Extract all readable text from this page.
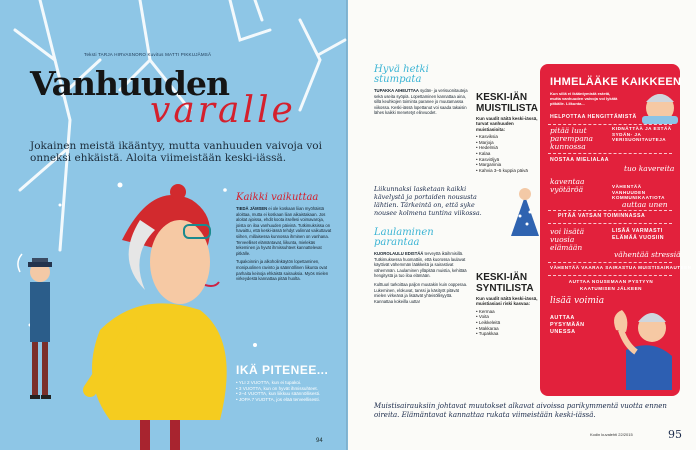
Teksti TARJA HIRVASNORO Kuvitus MATTI PIKKUJÄMSÄ
Vanhuuden
varalle
Jokainen meistä ikääntyy, mutta vanhuuden vaivoja voi onneksi ehkäistä. Aloita viimeistään keski-iässä.
Kaikki vaikuttaa
TIEDÄ JÄMSEN ei ole koskaan liian myöhäistä aloittaa, mutta ei koskaan liian aikaistakaan. Jos aloitat ajoissa, ehdit koota itsellesi voimavaroja, joista on iloa vanhuuden päivinä. Tutkimuksissa on havaittu, että keski-iässä tehdyt valinnat vaikuttavat siihen, millaisessa kunnossa ihminen on vanhana. Terveelliset elämäntavat, liikunta, mielekäs tekeminen ja hyvät ihmissuhteet kannattelevat pitkälle.
Tupakoinnin ja alkoholinkäytön lopettaminen, monipuolinen ravinto ja säännöllinen liikunta ovat parhaita keinoja ehkäistä sairauksia. Myös mielen virkeydestä kannattaa pitää huolta.
IKÄ PITENEE...
• YLI 2 VUOTTA, kun ei tupakoi.
• 3 VUOTTA, kun on hyvät ihmissuhteet.
• 2–4 VUOTTA, kun liikkuu säännöllisesti.
• JOPA 7 VUOTTA, jos elää terveellisesti.
94
Hyvä hetki stumpata
TUPAKKA AIHEUTTAA sydän- ja verisuonitauteja sekä useita syöpiä. Lopettaminen kannattaa aina, sillä keuhkojen toiminta paranee jo muutamassa viikossa. Keski-iässä lopettanut voi saada takaisin lähes kaikki menetetyt elinvuodet.
KESKI-IÄN MUISTILISTA
Kun vaudit näitä keski-iässä, turvat vanhuuden muistiasioita:
• Kasviksia
• Marjoja
• Hedelmiä
• Kalaa
• Kasviöljyä
• Margariinia
• Kahvia 3–5 kuppia päivä
Liikunnaksi lasketaan kaikki kävelystä ja portaiden noususta lähtien. Tärkeintä on, että syke nousee kolmena tuntina viikossa.
Laulaminen parantaa
KUOROLAULU EDISTÄÄ terveyttä ikäihmisillä. Tutkimuksessa huomattiin, että kuorossa laulavat käyttivät vähemmän lääkkeitä ja sairastivat vähemmän. Laulaminen ylläpitää muistia, kehittää hengitystä ja tuo iloa elämään.
Kulttuuri tarkoittaa paljon muutakin kuin oopperaa. Lukeminen, elokuvat, tanssi ja käsityöt pitävät mielen virkeänä ja lisäävät yhteisöllisyyttä. Kannattaa kokeilla uutta!
KESKI-IÄN SYNTILISTA
Kun vaudit näitä keski-iässä, muistiasiasi riski kasvaa:
• Kermaa
• Voita
• Leikkeleitä
• Makkaraa
• Tupakkaa
IHMELÄÄKE KAIKKEEN
Kun sillä ei ikääntymistä estetä, mutta vanhuuden vaivoja voi lykätä pitkälle. Liikunta...
HELPOTTAA HENGITTÄMISTÄ
pitää luut parempana kunnossa
KIDNÄTTÄÄ JA ESTÄÄ SYDÄN- JA VERISUONITAUTEJA
NOSTAA MIELIALAA
tuo kavereita
kaventaa vyötäröä	VÄHENTÄÄ VANHUUDEN KOMMUNIKAATIOTA
auttaa unen
PITÄÄ VATSAN TOIMINNASSA
voi lisätä vuosia elämään
LISÄÄ VARMASTI ELÄMÄÄ VUOSIIN
vähentää stressiä
VÄHENTÄÄ VAARAA SAIRASTUA MUISTISAIRAUTEEN
AUTTAA NOUSEMAAN PYSTYYN KAATUMISEN JÄLKEEN
lisää voimia
AUTTAA PYSYMÄÄN UNESSA
Muistisairauksiin johtavat muutokset alkavat aivoissa parikymmentä vuotta ennen oireita. Elämäntavat kannattaa rukata viimeistään keski-iässä.
Kodin kuvalehti 22/2015	95
